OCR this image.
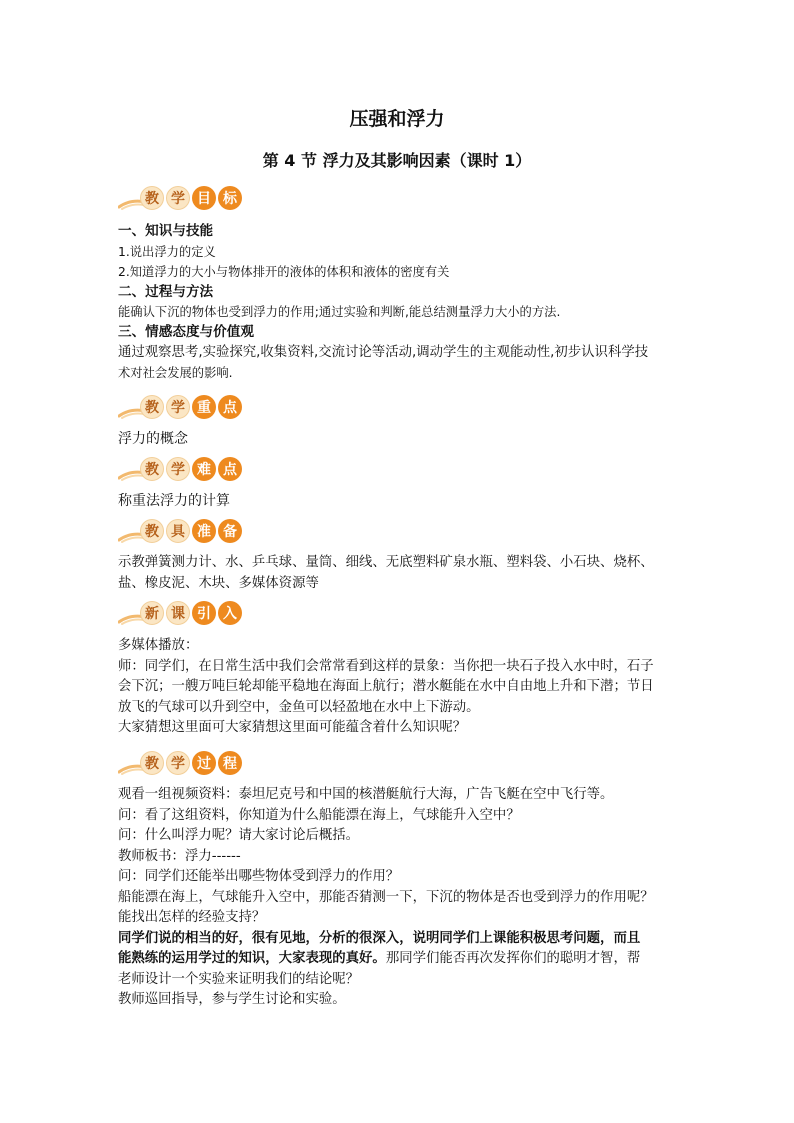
压强和浮力
第 4 节 浮力及其影响因素（课时 1）
教 学 目 标
一、知识与技能
1.说出浮力的定义
2.知道浮力的大小与物体排开的液体的体积和液体的密度有关
二、过程与方法
能确认下沉的物体也受到浮力的作用;通过实验和判断,能总结测量浮力大小的方法.
三、情感态度与价值观
通过观察思考,实验探究,收集资料,交流讨论等活动,调动学生的主观能动性,初步认识科学技
术对社会发展的影响.
教 学 重 点
浮力的概念
教 学 难 点
称重法浮力的计算
教 具 准 备
示教弹簧测力计、水、乒乓球、量筒、细线、无底塑料矿泉水瓶、塑料袋、小石块、烧杯、
盐、橡皮泥、木块、多媒体资源等
新 课 引 入
多媒体播放：
师：同学们，在日常生活中我们会常常看到这样的景象：当你把一块石子投入水中时，石子
会下沉；一艘万吨巨轮却能平稳地在海面上航行；潜水艇能在水中自由地上升和下潜；节日
放飞的气球可以升到空中，金鱼可以轻盈地在水中上下游动。
大家猜想这里面可大家猜想这里面可能蕴含着什么知识呢？
教 学 过 程
观看一组视频资料：泰坦尼克号和中国的核潜艇航行大海，广告飞艇在空中飞行等。
问：看了这组资料，你知道为什么船能漂在海上，气球能升入空中？
问：什么叫浮力呢？请大家讨论后概括。
教师板书：浮力------
问：同学们还能举出哪些物体受到浮力的作用？
船能漂在海上，气球能升入空中，那能否猜测一下，下沉的物体是否也受到浮力的作用呢？
能找出怎样的经验支持？
同学们说的相当的好，很有见地，分析的很深入，说明同学们上课能积极思考问题，而且
能熟练的运用学过的知识，大家表现的真好。那同学们能否再次发挥你们的聪明才智，帮
老师设计一个实验来证明我们的结论呢？
教师巡回指导，参与学生讨论和实验。
